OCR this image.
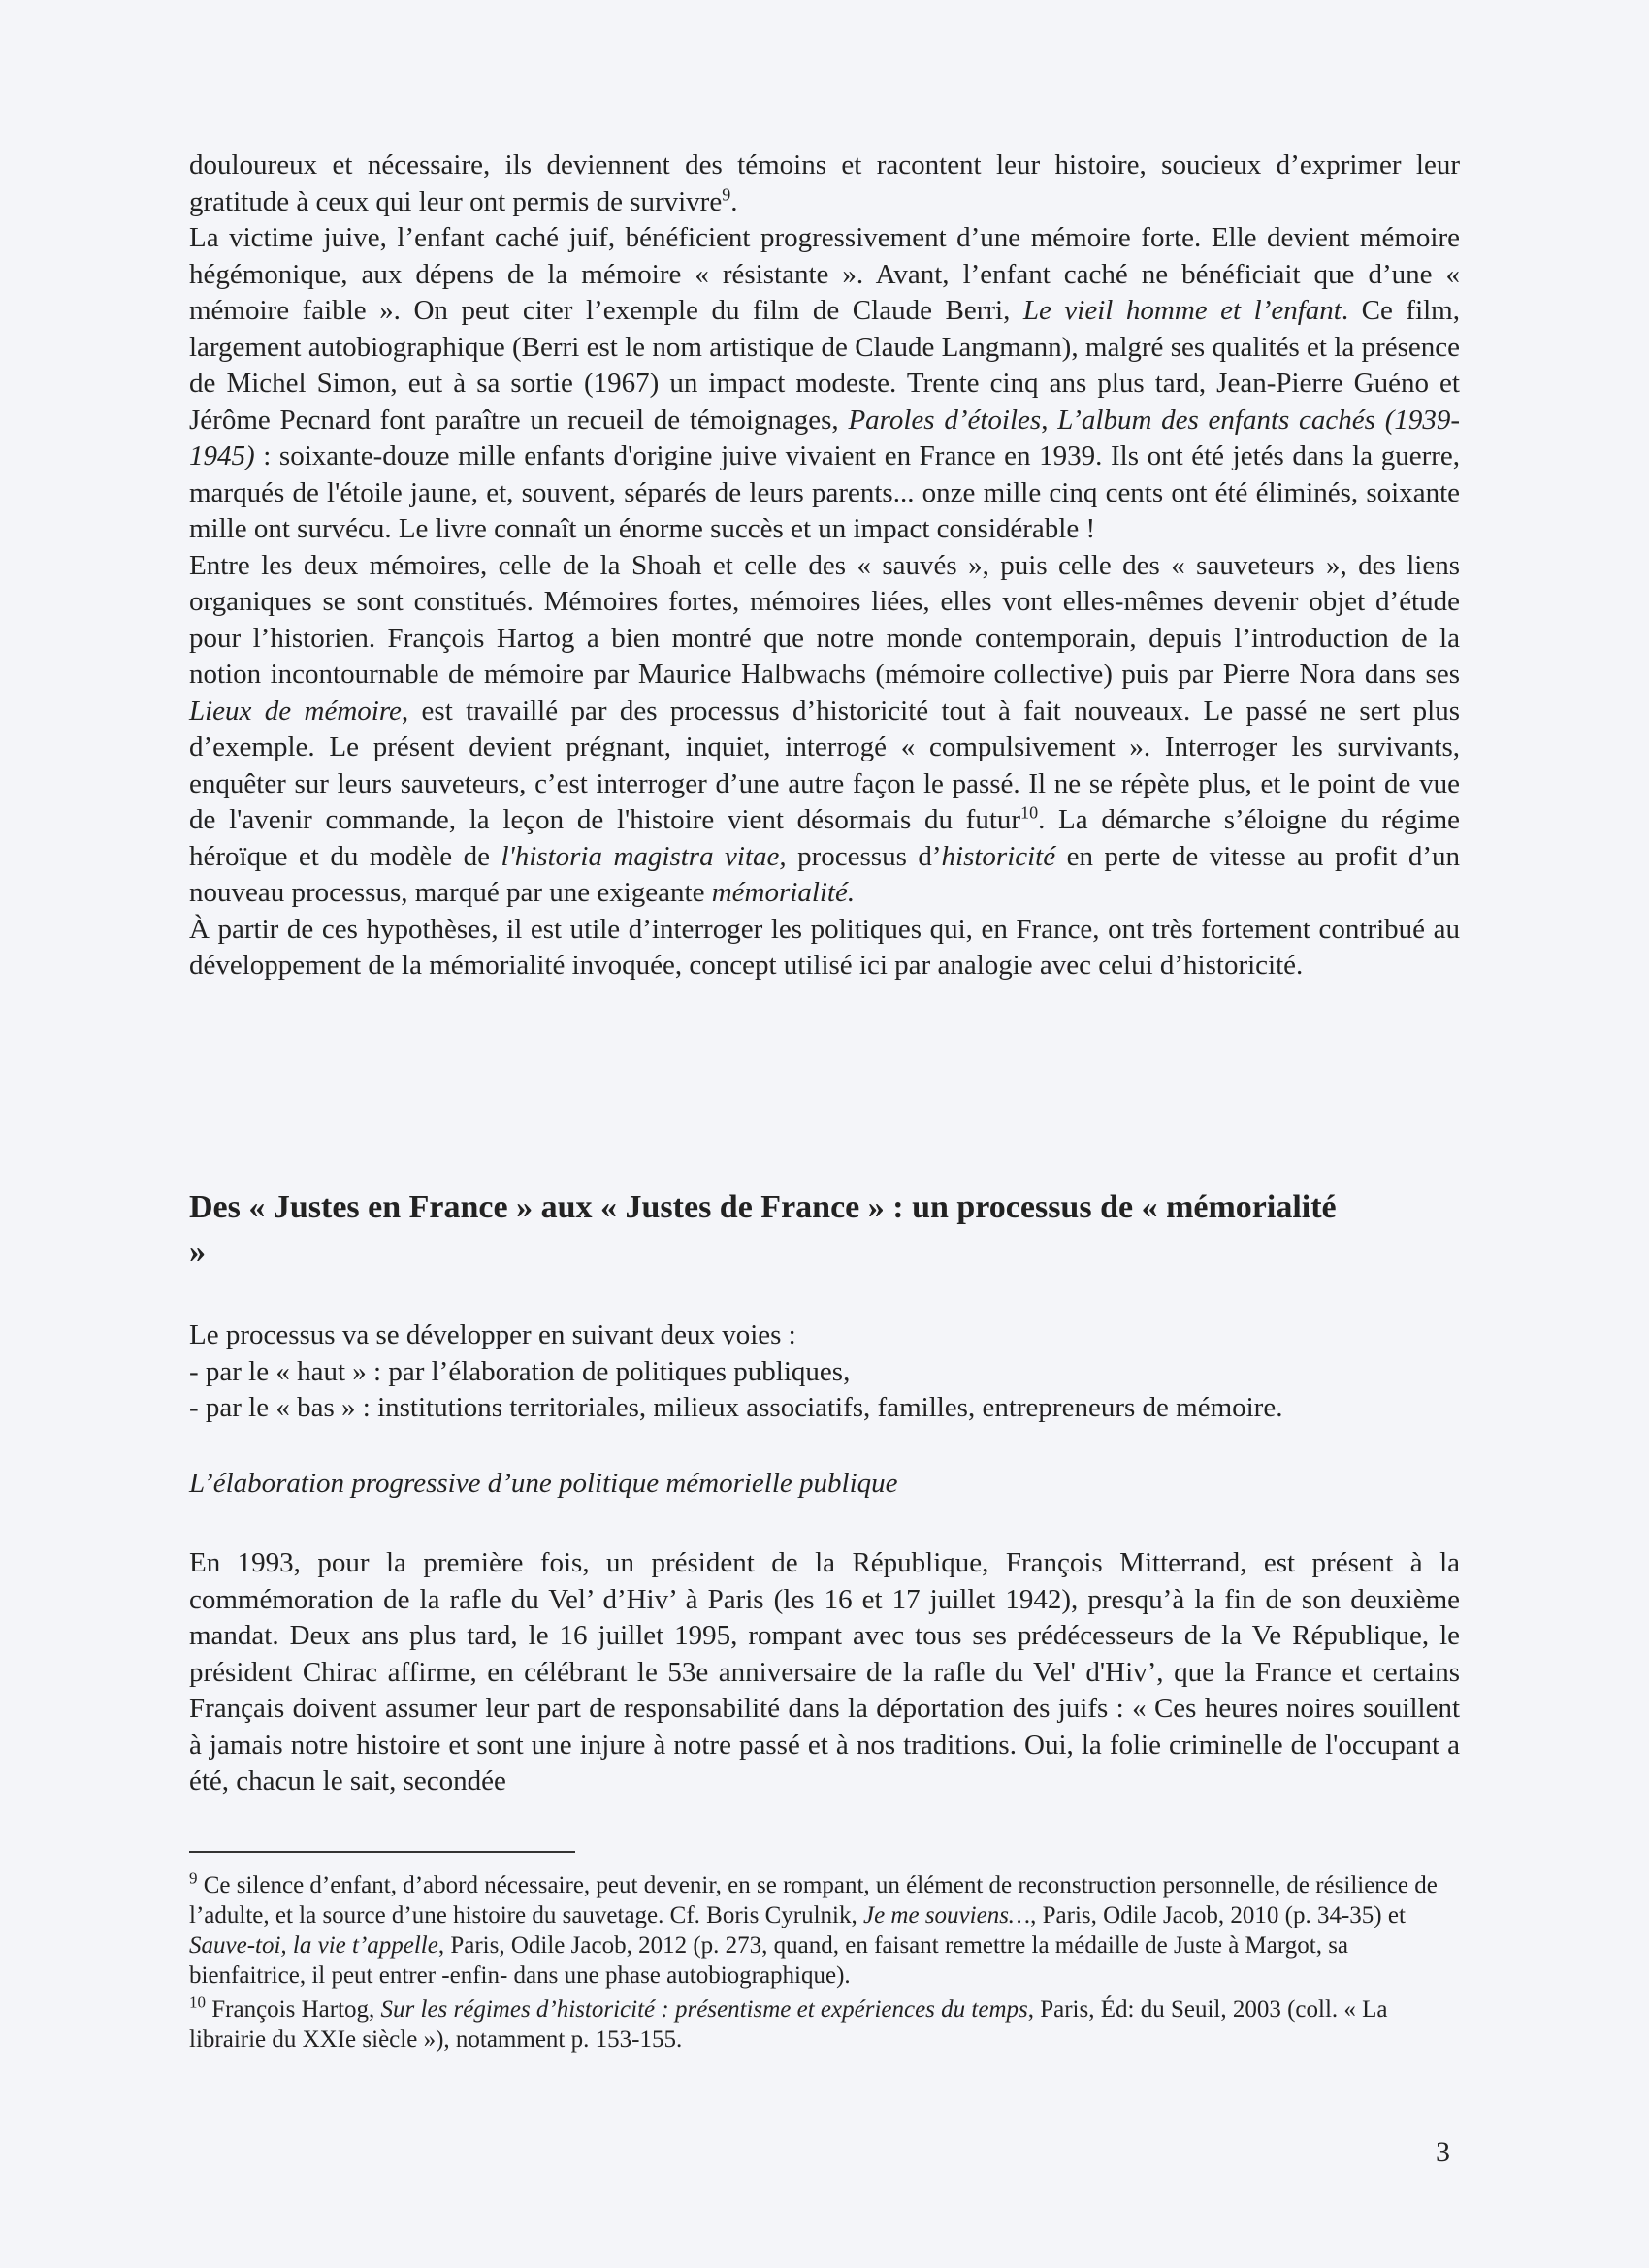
douloureux et nécessaire, ils deviennent des témoins et racontent leur histoire, soucieux d’exprimer leur gratitude à ceux qui leur ont permis de survivre$^9$.

La victime juive, l’enfant caché juif, bénéficient progressivement d’une mémoire forte. Elle devient mémoire hégémonique, aux dépens de la mémoire « résistante ». Avant, l’enfant caché ne bénéficiait que d’une « mémoire faible ». On peut citer l’exemple du film de Claude Berri, Le vieil homme et l’enfant. Ce film, largement autobiographique (Berri est le nom artistique de Claude Langmann), malgré ses qualités et la présence de Michel Simon, eut à sa sortie (1967) un impact modeste. Trente cinq ans plus tard, Jean-Pierre Guéno et Jérôme Pecnard font paraître un recueil de témoignages, Paroles d’étoiles, L’album des enfants cachés (1939-1945) : soixante-douze mille enfants d'origine juive vivaient en France en 1939. Ils ont été jetés dans la guerre, marqués de l'étoile jaune, et, souvent, séparés de leurs parents... onze mille cinq cents ont été éliminés, soixante mille ont survécu. Le livre connaît un énorme succès et un impact considérable !

Entre les deux mémoires, celle de la Shoah et celle des « sauvés », puis celle des « sauveteurs », des liens organiques se sont constitués. Mémoires fortes, mémoires liées, elles vont elles-mêmes devenir objet d’étude pour l’historien. François Hartog a bien montré que notre monde contemporain, depuis l’introduction de la notion incontournable de mémoire par Maurice Halbwachs (mémoire collective) puis par Pierre Nora dans ses Lieux de mémoire, est travaillé par des processus d’historicité tout à fait nouveaux. Le passé ne sert plus d’exemple. Le présent devient prégnant, inquiet, interrogé « compulsivement ». Interroger les survivants, enquêter sur leurs sauveteurs, c’est interroger d’une autre façon le passé. Il ne se répète plus, et le point de vue de l'avenir commande, la leçon de l'histoire vient désormais du futur$^{10}$. La démarche s’éloigne du régime héroïque et du modèle de l'historia magistra vitae, processus d’historicité en perte de vitesse au profit d’un nouveau processus, marqué par une exigeante mémorialité.

À partir de ces hypothèses, il est utile d’interroger les politiques qui, en France, ont très fortement contribué au développement de la mémorialité invoquée, concept utilisé ici par analogie avec celui d’historicité.

Des « Justes en France » aux « Justes de France » : un processus de « mémorialité »

Le processus va se développer en suivant deux voies :

- par le « haut » : par l’élaboration de politiques publiques,

- par le « bas » : institutions territoriales, milieux associatifs, familles, entrepreneurs de mémoire.

L’élaboration progressive d’une politique mémorielle publique
En 1993, pour la première fois, un président de la République, François Mitterrand, est présent à la commémoration de la rafle du Vel’ d’Hiv’ à Paris (les 16 et 17 juillet 1942), presqu’à la fin de son deuxième mandat. Deux ans plus tard, le 16 juillet 1995, rompant avec tous ses prédécesseurs de la Ve République, le président Chirac affirme, en célébrant le 53e anniversaire de la rafle du Vel' d'Hiv’, que la France et certains Français doivent assumer leur part de responsabilité dans la déportation des juifs : « Ces heures noires souillent à jamais notre histoire et sont une injure à notre passé et à nos traditions. Oui, la folie criminelle de l'occupant a été, chacun le sait, secondée

$^9$ Ce silence d’enfant, d’abord nécessaire, peut devenir, en se rompant, un élément de reconstruction personnelle, de résilience de l’adulte, et la source d’une histoire du sauvetage. Cf. Boris Cyrulnik, Je me souviens…, Paris, Odile Jacob, 2010 (p. 34-35) et Sauve-toi, la vie t’appelle, Paris, Odile Jacob, 2012 (p. 273, quand, en faisant remettre la médaille de Juste à Margot, sa bienfaitrice, il peut entrer -enfin- dans une phase autobiographique).

$^{10}$ François Hartog, Sur les régimes d’historicité : présentisme et expériences du temps, Paris, Éd: du Seuil, 2003 (coll. « La librairie du XXIe siècle »), notamment p. 153-155.

3
